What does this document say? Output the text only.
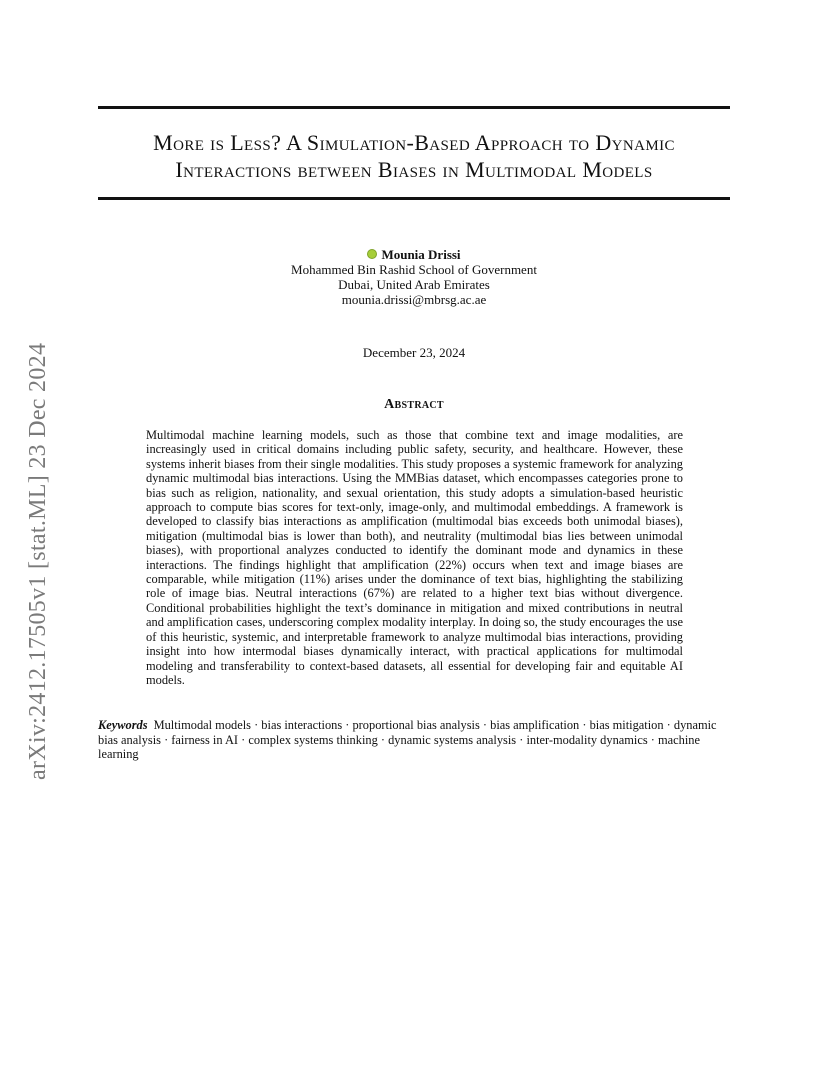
arXiv:2412.17505v1 [stat.ML] 23 Dec 2024
More is Less? A Simulation-Based Approach to Dynamic
Interactions between Biases in Multimodal Models
Mounia Drissi
Mohammed Bin Rashid School of Government
Dubai, United Arab Emirates
mounia.drissi@mbrsg.ac.ae
December 23, 2024
Abstract
Multimodal machine learning models, such as those that combine text and image modalities, are increasingly used in critical domains including public safety, security, and healthcare. However, these systems inherit biases from their single modalities. This study proposes a systemic framework for analyzing dynamic multimodal bias interactions. Using the MMBias dataset, which encompasses categories prone to bias such as religion, nationality, and sexual orientation, this study adopts a simulation-based heuristic approach to compute bias scores for text-only, image-only, and multimodal embeddings. A framework is developed to classify bias interactions as amplification (multimodal bias exceeds both unimodal biases), mitigation (multimodal bias is lower than both), and neutrality (multimodal bias lies between unimodal biases), with proportional analyzes conducted to identify the dominant mode and dynamics in these interactions. The findings highlight that amplification (22%) occurs when text and image biases are comparable, while mitigation (11%) arises under the dominance of text bias, highlighting the stabilizing role of image bias. Neutral interactions (67%) are related to a higher text bias without divergence. Conditional probabilities highlight the text’s dominance in mitigation and mixed contributions in neutral and amplification cases, underscoring complex modality interplay. In doing so, the study encourages the use of this heuristic, systemic, and interpretable framework to analyze multimodal bias interactions, providing insight into how intermodal biases dynamically interact, with practical applications for multimodal modeling and transferability to context-based datasets, all essential for developing fair and equitable AI models.
Keywords Multimodal models · bias interactions · proportional bias analysis · bias amplification · bias mitigation · dynamic bias analysis · fairness in AI · complex systems thinking · dynamic systems analysis · inter-modality dynamics · machine learning
